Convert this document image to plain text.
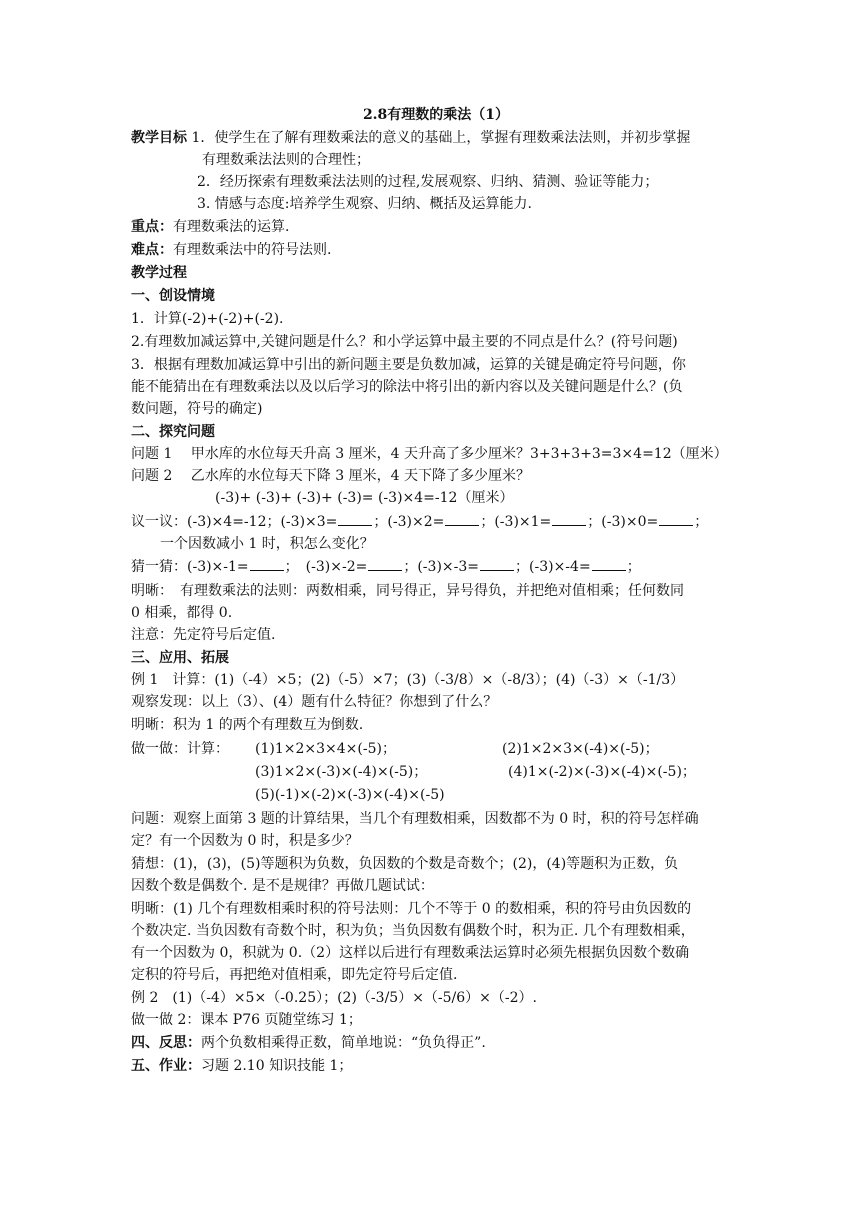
2.8有理数的乘法（1）
教学目标 1．使学生在了解有理数乘法的意义的基础上，掌握有理数乘法法则，并初步掌握
有理数乘法法则的合理性；
2．经历探索有理数乘法法则的过程,发展观察、归纳、猜测、验证等能力；
3. 情感与态度:培养学生观察、归纳、概括及运算能力.
重点：有理数乘法的运算.
难点：有理数乘法中的符号法则.
教学过程
一、创设情境
1．计算(-2)+(-2)+(-2).
2.有理数加减运算中,关键问题是什么？和小学运算中最主要的不同点是什么？(符号问题)
3．根据有理数加减运算中引出的新问题主要是负数加减，运算的关键是确定符号问题，你
能不能猜出在有理数乘法以及以后学习的除法中将引出的新内容以及关键问题是什么？(负
数问题，符号的确定)
二、探究问题
问题 1　 甲水库的水位每天升高 3 厘米，4 天升高了多少厘米？3+3+3+3=3×4=12（厘米）
问题 2　 乙水库的水位每天下降 3 厘米，4 天下降了多少厘米？
(-3)+ (-3)+ (-3)+ (-3)= (-3)×4=-12（厘米）
议一议：(-3)×4=-12；(-3)×3=	；(-3)×2=	；(-3)×1=	；(-3)×0=	；
一个因数减小 1 时，积怎么变化？
猜一猜：(-3)×-1=	；　(-3)×-2=	；(-3)×-3=	；(-3)×-4=	；
明晰：　有理数乘法的法则：两数相乘，同号得正，异号得负，并把绝对值相乘；任何数同
0 相乘，都得 0.
注意：先定符号后定值.
三、应用、拓展
例 1　计算：(1)（-4）×5；(2)（-5）×7；(3)（-3/8）×（-8/3）；(4)（-3）×（-1/3）
观察发现：以上（3）、(4）题有什么特征？你想到了什么？
明晰：积为 1 的两个有理数互为倒数.
做一做：计算：	(1)1×2×3×4×(-5)；	(2)1×2×3×(-4)×(-5)；
(3)1×2×(-3)×(-4)×(-5)；	(4)1×(-2)×(-3)×(-4)×(-5)；
(5)(-1)×(-2)×(-3)×(-4)×(-5)
问题：观察上面第 3 题的计算结果，当几个有理数相乘，因数都不为 0 时，积的符号怎样确
定？有一个因数为 0 时，积是多少？
猜想：(1)，(3)，(5)等题积为负数，负因数的个数是奇数个；(2)，(4)等题积为正数，负
因数个数是偶数个. 是不是规律？再做几题试试：
明晰：(1) 几个有理数相乘时积的符号法则：几个不等于 0 的数相乘，积的符号由负因数的
个数决定. 当负因数有奇数个时，积为负；当负因数有偶数个时，积为正. 几个有理数相乘，
有一个因数为 0，积就为 0.（2）这样以后进行有理数乘法运算时必须先根据负因数个数确
定积的符号后，再把绝对值相乘，即先定符号后定值.
例 2　(1)（-4）×5×（-0.25）；(2)（-3/5）×（-5/6）×（-2）.
做一做 2：课本 P76 页随堂练习 1；
四、反思：两个负数相乘得正数，简单地说：“负负得正”.
五、作业：习题 2.10 知识技能 1；
